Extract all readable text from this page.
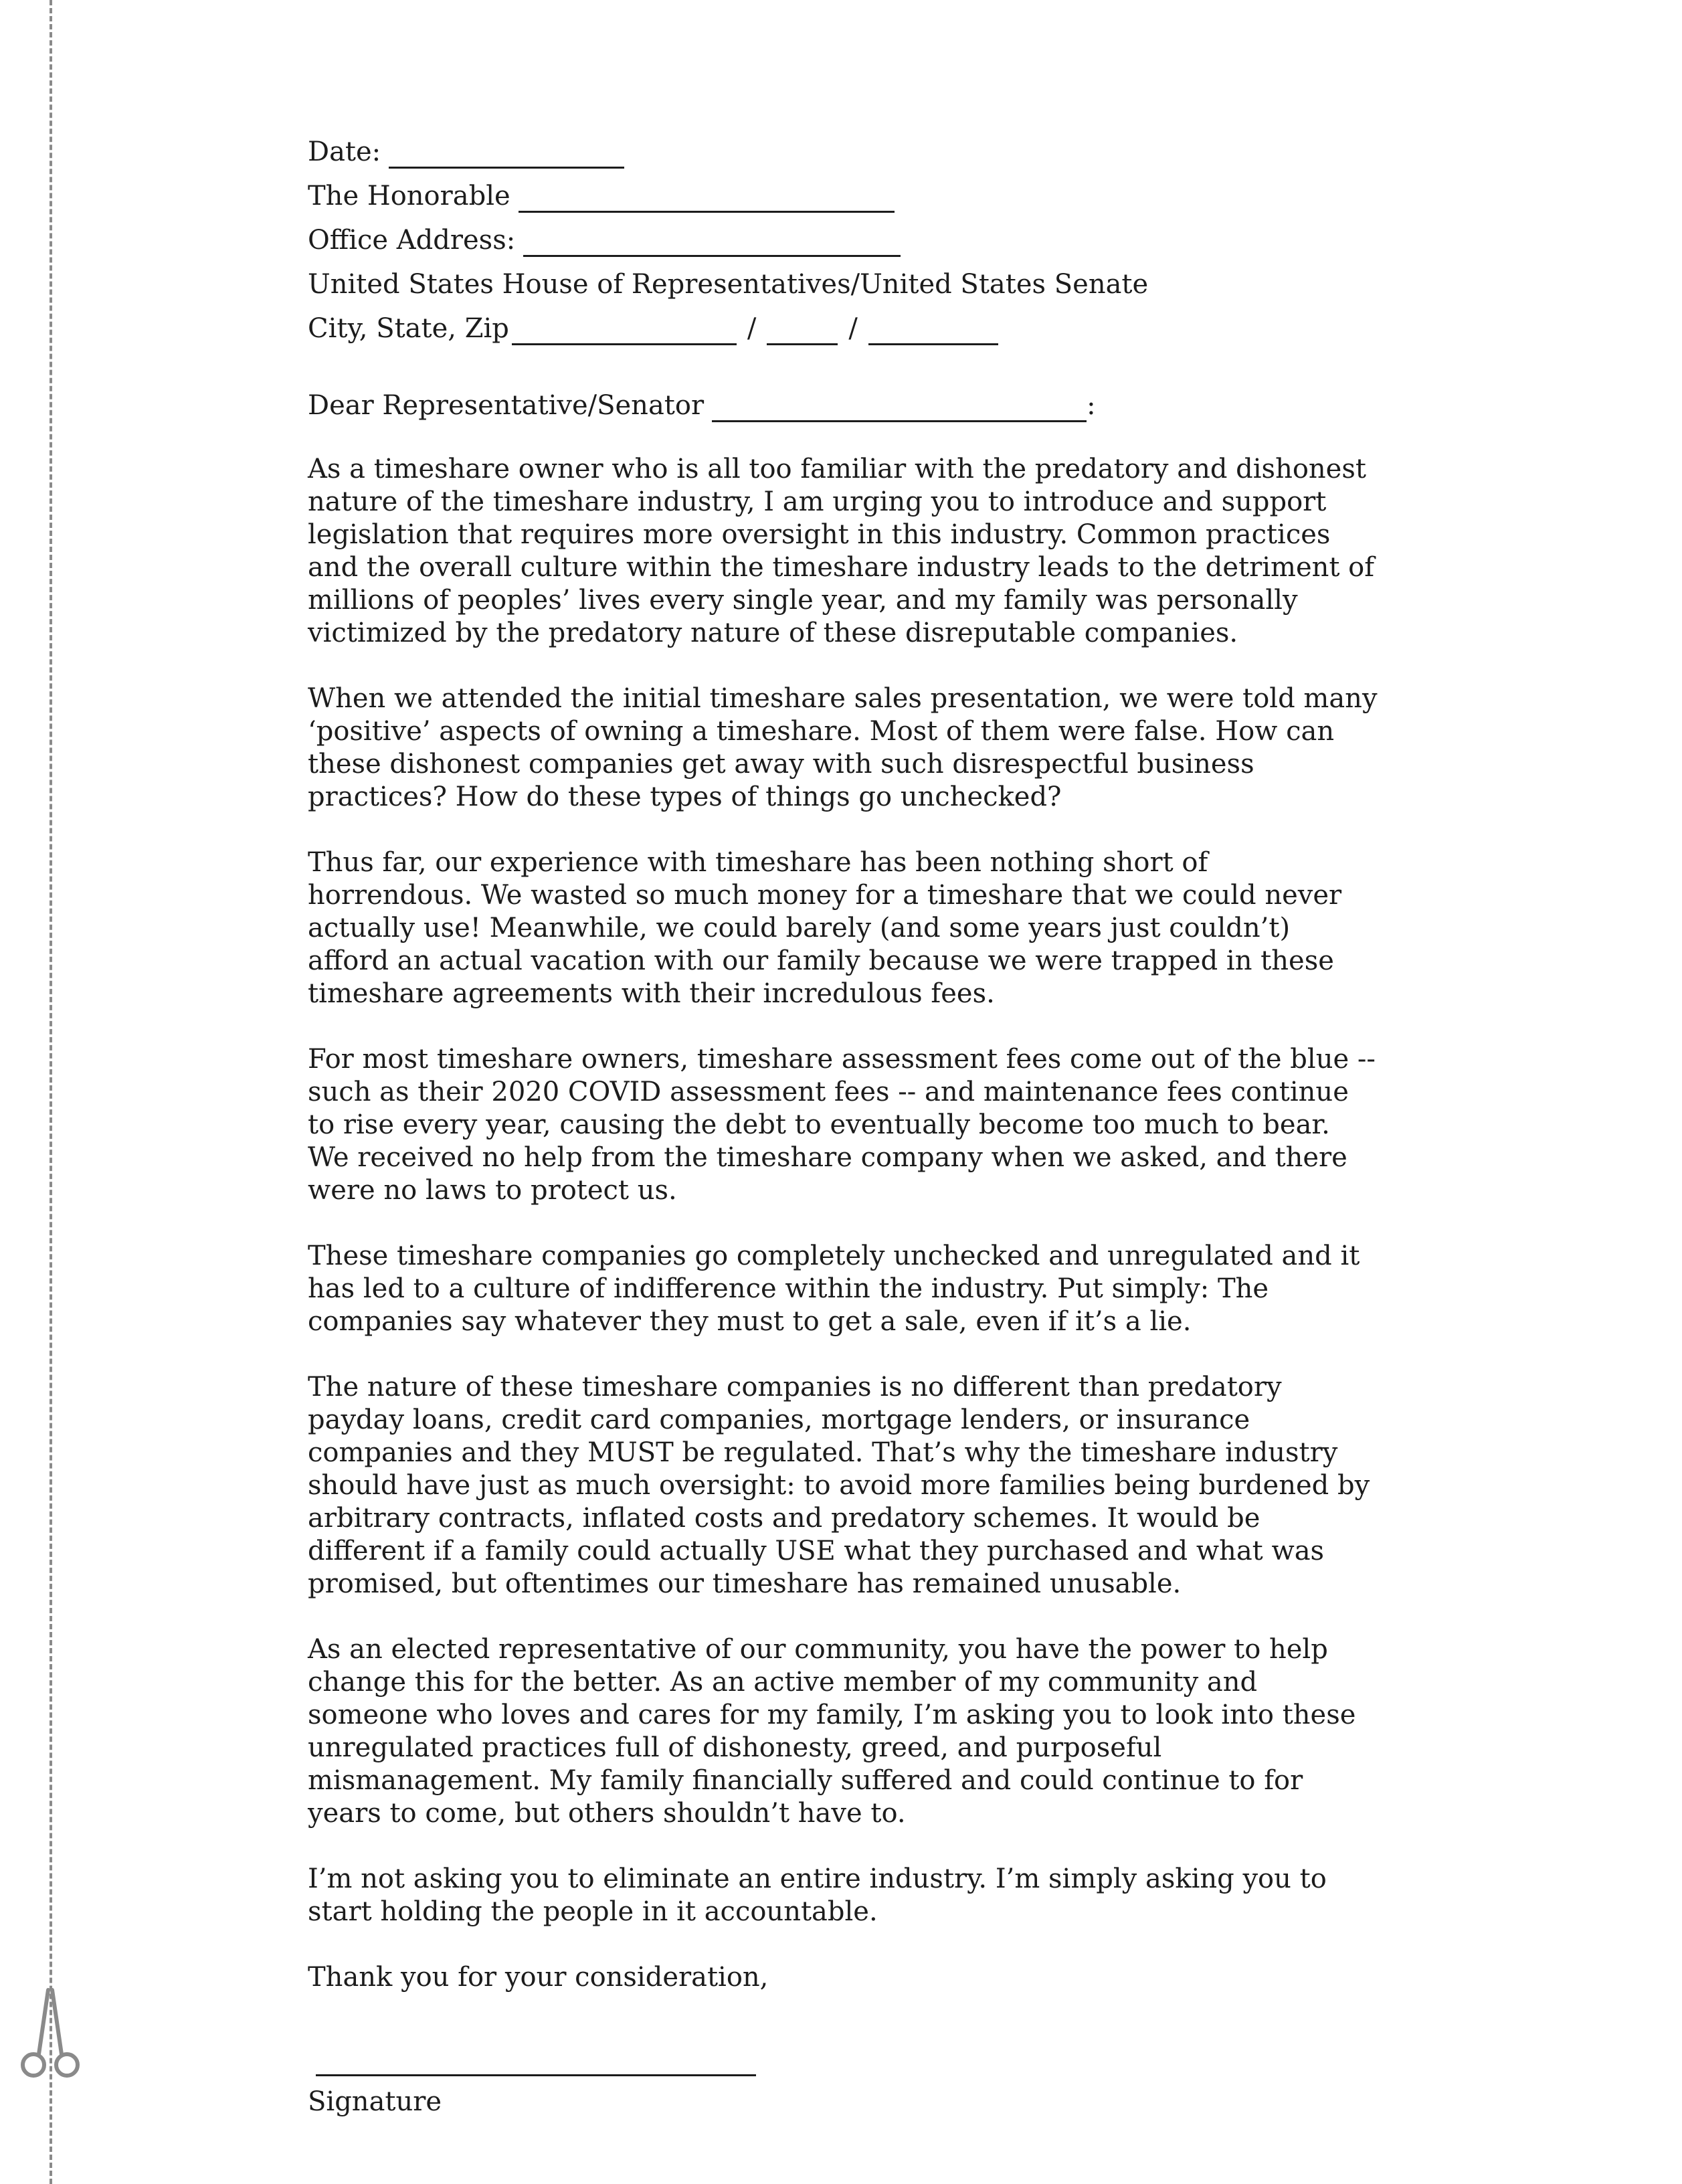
Date:
The Honorable
Office Address:
United States House of Representatives/United States Senate
City, State, Zip	/	/
Dear Representative/Senator	:

As a timeshare owner who is all too familiar with the predatory and dishonest nature of the timeshare industry, I am urging you to introduce and support legislation that requires more oversight in this industry. Common practices and the overall culture within the timeshare industry leads to the detriment of millions of peoples’ lives every single year, and my family was personally victimized by the predatory nature of these disreputable companies.

When we attended the initial timeshare sales presentation, we were told many ‘positive’ aspects of owning a timeshare. Most of them were false. How can these dishonest companies get away with such disrespectful business practices? How do these types of things go unchecked?

Thus far, our experience with timeshare has been nothing short of horrendous. We wasted so much money for a timeshare that we could never actually use! Meanwhile, we could barely (and some years just couldn’t) afford an actual vacation with our family because we were trapped in these timeshare agreements with their incredulous fees.

For most timeshare owners, timeshare assessment fees come out of the blue -- such as their 2020 COVID assessment fees -- and maintenance fees continue to rise every year, causing the debt to eventually become too much to bear. We received no help from the timeshare company when we asked, and there were no laws to protect us.

These timeshare companies go completely unchecked and unregulated and it has led to a culture of indifference within the industry. Put simply: The companies say whatever they must to get a sale, even if it’s a lie.

The nature of these timeshare companies is no different than predatory payday loans, credit card companies, mortgage lenders, or insurance companies and they MUST be regulated. That’s why the timeshare industry should have just as much oversight: to avoid more families being burdened by arbitrary contracts, inflated costs and predatory schemes. It would be different if a family could actually USE what they purchased and what was promised, but oftentimes our timeshare has remained unusable.

As an elected representative of our community, you have the power to help change this for the better. As an active member of my community and someone who loves and cares for my family, I’m asking you to look into these unregulated practices full of dishonesty, greed, and purposeful mismanagement. My family financially suffered and could continue to for years to come, but others shouldn’t have to.

I’m not asking you to eliminate an entire industry. I’m simply asking you to start holding the people in it accountable.

Thank you for your consideration,

Signature
